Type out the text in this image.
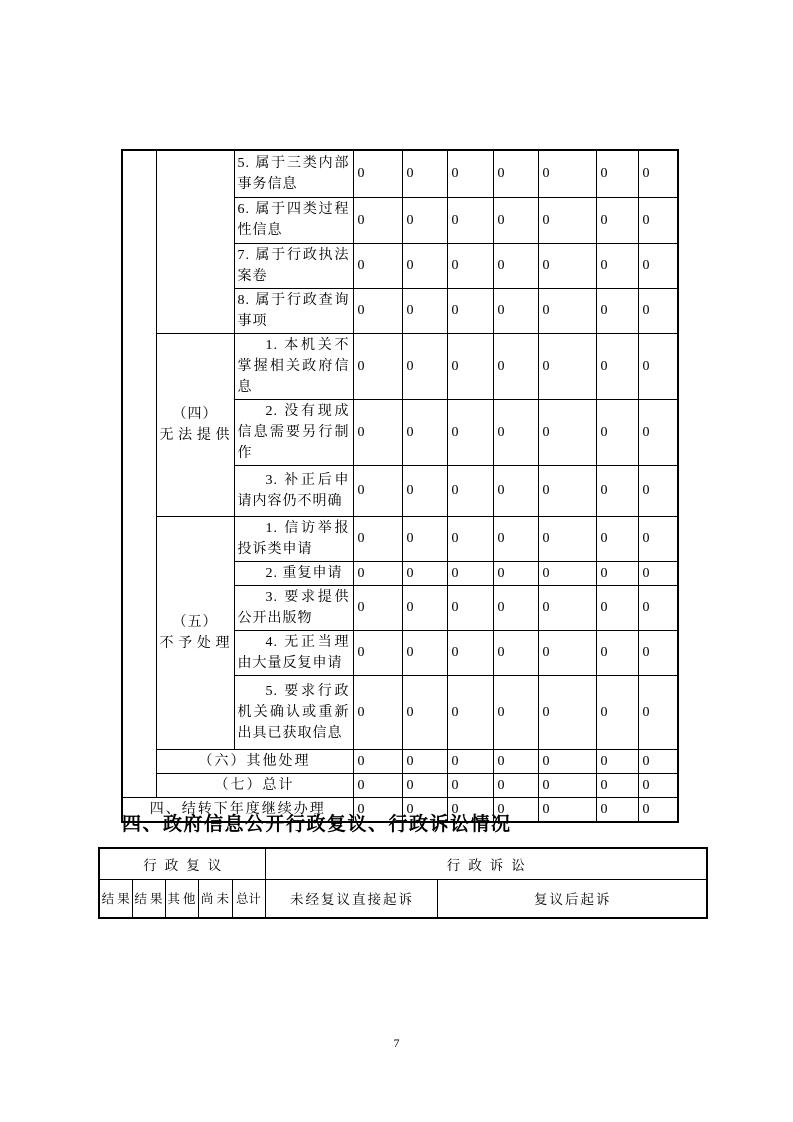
		5. 属于三类内部事务信息	0	0	0	0	0	0	0
		6. 属于四类过程性信息	0	0	0	0	0	0	0
		7. 属于行政执法案卷	0	0	0	0	0	0	0
		8. 属于行政查询事项	0	0	0	0	0	0	0

	（四）
无法提供	1. 本机关不掌握相关政府信息	0	0	0	0	0	0	0
		2. 没有现成信息需要另行制作	0	0	0	0	0	0	0
		3. 补正后申请内容仍不明确	0	0	0	0	0	0	0

	（五）
不予处理	1. 信访举报投诉类申请	0	0	0	0	0	0	0
		2. 重复申请	0	0	0	0	0	0	0
		3. 要求提供公开出版物	0	0	0	0	0	0	0
		4. 无正当理由大量反复申请	0	0	0	0	0	0	0
		5. 要求行政机关确认或重新出具已获取信息	0	0	0	0	0	0	0
	（六）其他处理		0	0	0	0	0	0	0
	（七）总计		0	0	0	0	0	0	0
四、结转下年度继续办理			0	0	0	0	0	0	0
四、政府信息公开行政复议、行政诉讼情况
行政复议					行政诉讼	
结 果	结 果	其 他	尚 未	总计	未经复议直接起诉	复议后起诉
7
